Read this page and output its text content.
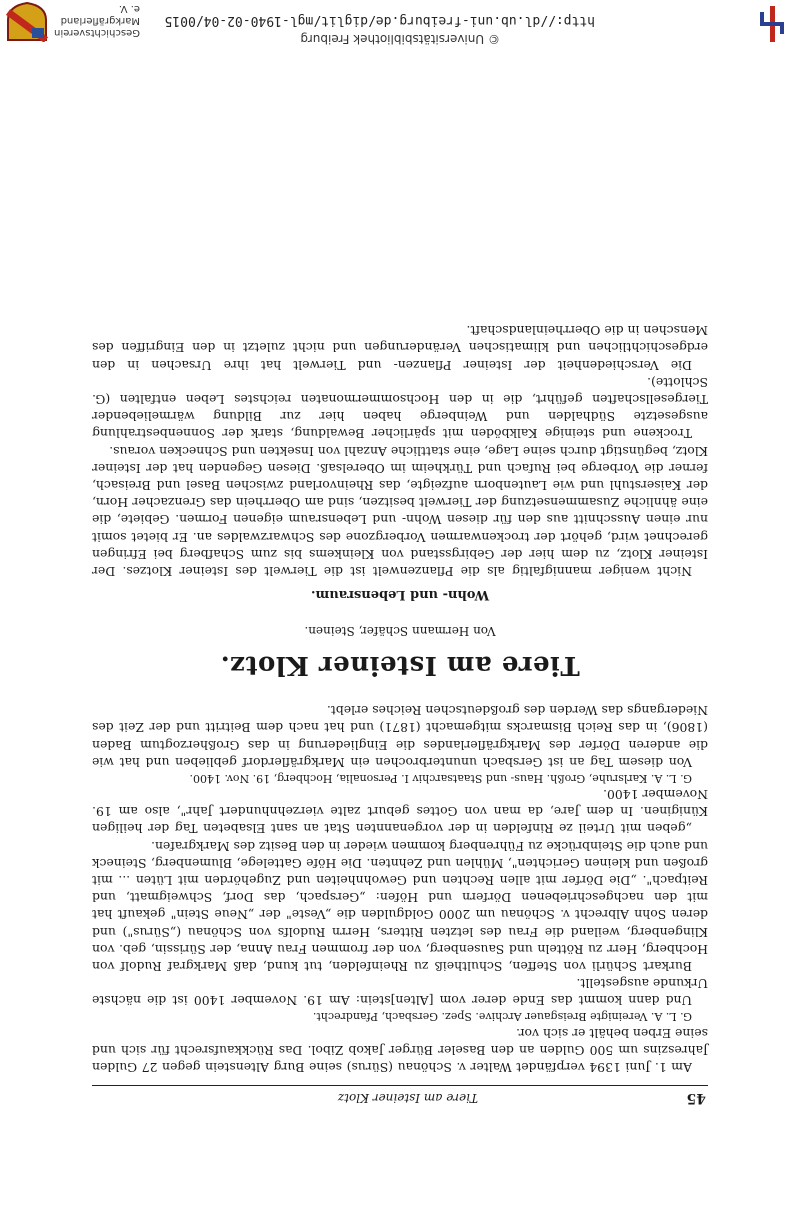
45
Tiere am Isteiner Klotz

Am 1. Juni 1394 verpfändet Walter v. Schönau (Sürus) seine Burg Altenstein gegen 27 Gulden Jahreszins um 500 Gulden an den Baseler Bürger Jakob Zibol. Das Rückkaufsrecht für sich und seine Erben behält er sich vor.

G. L. A. Vereinigte Breisgauer Archive. Spez. Gersbach, Pfandrecht.

Und dann kommt das Ende derer vom [Alten]stein: Am 19. November 1400 ist die nächste Urkunde ausgestellt.

Burkart Schürli von Steffen, Schultheiß zu Rheinfelden, tut kund, daß Markgraf Rudolf von Hochberg, Herr zu Rötteln und Sausenberg, von der frommen Frau Anna, der Sürissin, geb. von Klingenberg, weiland die Frau des letzten Ritters, Herrn Rudolfs von Schönau („Sürus") und deren Sohn Albrecht v. Schönau um 2000 Goldgulden die „Veste" der „Neue Stein" gekauft hat mit den nachgeschriebenen Dörfern und Höfen: „Gerspach, das Dorf, Schweigmatt, und Reitpach". „Die Dörfer mit allen Rechten und Gewohnheiten und Zugehörden mit Lüten ... mit großen und kleinen Gerichten", Mühlen und Zehnten. Die Höfe Gattelege, Blumenberg, Steineck und auch die Steinbrücke zu Führenberg kommen wieder in den Besitz des Markgrafen.

„geben mit Urteil ze Rinfelden in der vorgenannten Stat an sant Elsabeten Tag der heiligen Küniginen. In dem Jare, da man von Gottes geburt zalte vierzehnhundert Jahr", also am 19. November 1400.

G. L. A. Karlsruhe, Großh. Haus- und Staatsarchiv I. Personalia, Hochberg, 19. Nov. 1400.

Von diesem Tag an ist Gersbach ununterbrochen ein Markgräflerdorf geblieben und hat wie die anderen Dörfer des Markgräflerlandes die Eingliederung in das Großherzogtum Baden (1806), in das Reich Bismarcks mitgemacht (1871) und hat nach dem Beitritt und der Zeit des Niedergangs das Werden des großdeutschen Reiches erlebt.

Tiere am Isteiner Klotz.
Von Hermann Schäfer, Steinen.
Wohn- und Lebensraum.

Nicht weniger mannigfaltig als die Pflanzenwelt ist die Tierwelt des Isteiner Klotzes. Der Isteiner Klotz, zu dem hier der Gebirgsstand von Kleinkems bis zum Schafberg bei Efringen gerechnet wird, gehört der trockenwarmen Vorbergzone des Schwarzwaldes an. Er bietet somit nur einen Ausschnitt aus den für diesen Wohn- und Lebensraum eigenen Formen. Gebiete, die eine ähnliche Zusammensetzung der Tierwelt besitzen, sind am Oberrhein das Grenzacher Horn, der Kaiserstuhl und wie Lautenborn aufzeigte, das Rheinvorland zwischen Basel und Breisach, ferner die Vorberge bei Rufach und Türkheim im Oberelsaß. Diesen Gegenden hat der Isteiner Klotz, begünstigt durch seine Lage, eine stattliche Anzahl von Insekten und Schnecken voraus.

Trockene und steinige Kalkböden mit spärlicher Bewaldung, stark der Sonnenbestrahlung ausgesetzte Südhalden und Weinberge haben hier zur Bildung wärmeliebender Tiergesellschaften geführt, die in den Hochsommermonaten reichstes Leben entfalten (G. Schlotte).

Die Verschiedenheit der Isteiner Pflanzen- und Tierwelt hat ihre Ursachen in den erdgeschichtlichen und klimatischen Veränderungen und nicht zuletzt in den Eingriffen des Menschen in die Oberrheinlandschaft.

Geschichtsverein Markgräflerland e. V.
http://dl.ub.uni-freiburg.de/diglit/mgl-1940-02-04/0015
© Universitätsbibliothek Freiburg
